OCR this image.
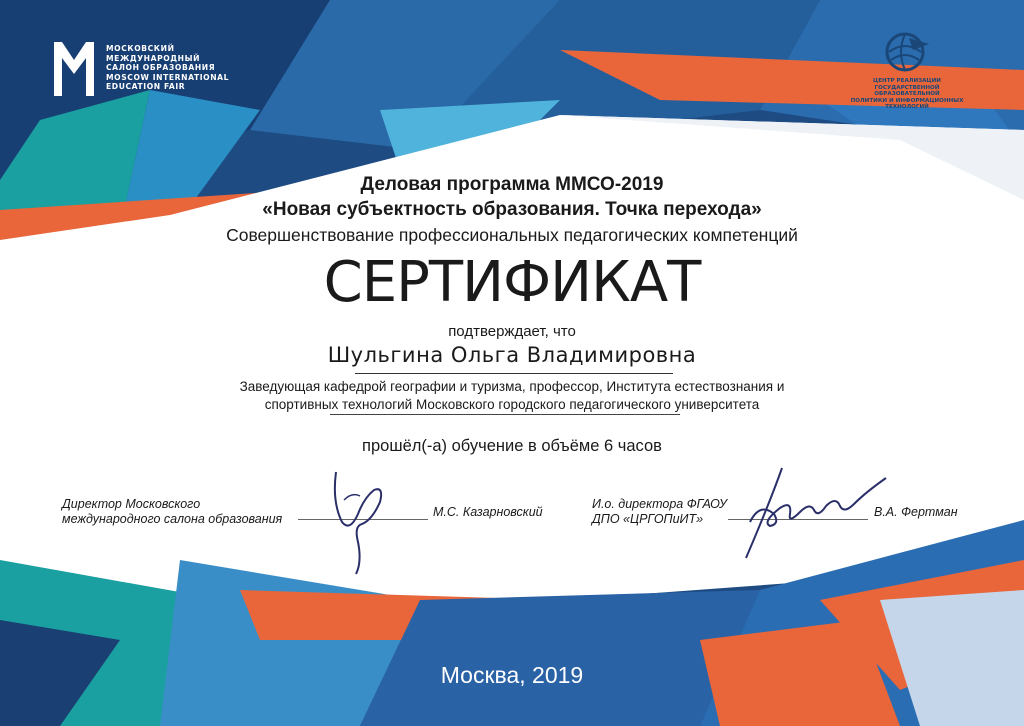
МОСКОВСКИЙ
МЕЖДУНАРОДНЫЙ
САЛОН ОБРАЗОВАНИЯ
MOSCOW INTERNATIONAL
EDUCATION FAIR
ЦЕНТР РЕАЛИЗАЦИИ
ГОСУДАРСТВЕННОЙ ОБРАЗОВАТЕЛЬНОЙ
ПОЛИТИКИ И ИНФОРМАЦИОННЫХ
ТЕХНОЛОГИЙ
Деловая программа ММСО-2019
«Новая субъектность образования. Точка перехода»
Совершенствование профессиональных педагогических компетенций
СЕРТИФИКАТ
подтверждает, что
Шульгина Ольга Владимировна
Заведующая кафедрой географии и туризма, профессор, Института естествознания и
спортивных технологий Московского городского педагогического университета
прошёл(-а) обучение в объёме 6 часов
Директор Московского международного салона образования	М.С. Казарновский
И.о. директора ФГАОУ ДПО «ЦРГОПиИТ»	В.А. Фертман
Москва, 2019
